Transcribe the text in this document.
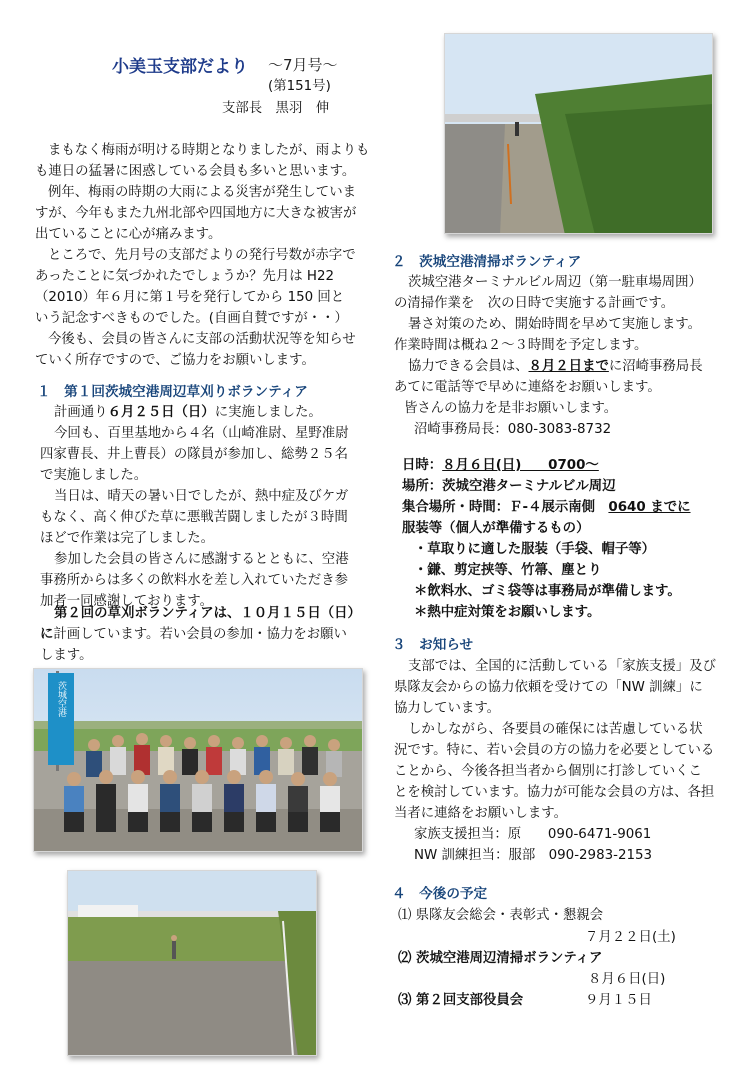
小美玉支部だより 〜7月号〜
(第151号)
支部長　黒羽　伸
まもなく梅雨が明ける時期となりましたが、雨よりも
も連日の猛暑に困惑している会員も多いと思います。
例年、梅雨の時期の大雨による災害が発生していま
すが、今年もまた九州北部や四国地方に大きな被害が
出ていることに心が痛みます。
ところで、先月号の支部だよりの発行号数が赤字で
あったことに気づかれたでしょうか？先月は H22
（2010）年６月に第１号を発行してから 150 回と
いう記念すべきものでした。(自画自賛ですが・・）
今後も、会員の皆さんに支部の活動状況等を知らせ
ていく所存ですので、ご協力をお願いします。
１　第１回茨城空港周辺草刈りボランティア
計画通り６月２５日（日）に実施しました。
今回も、百里基地から４名（山崎准尉、星野准尉
四家曹長、井上曹長）の隊員が参加し、総勢２５名
で実施しました。
当日は、晴天の暑い日でしたが、熱中症及びケガ
もなく、高く伸びた草に悪戦苦闘しましたが３時間
ほどで作業は完了しました。
参加した会員の皆さんに感謝するとともに、空港
事務所からは多くの飲料水を差し入れていただき参
加者一同感謝しております。
第２回の草刈ボランティアは、１０月１５日（日）
に計画しています。若い会員の参加・協力をお願い
します。
茨城空港
２　茨城空港清掃ボランティア
茨城空港ターミナルビル周辺（第一駐車場周囲）
の清掃作業を　次の日時で実施する計画です。
暑さ対策のため、開始時間を早めて実施します。
作業時間は概ね２〜３時間を予定します。
協力できる会員は、８月２日までに沼崎事務局長
あてに電話等で早めに連絡をお願いします。
皆さんの協力を是非お願いします。
沼崎事務局長：080-3083-8732
日時：８月６日(日)　　0700〜
場所：茨城空港ターミナルビル周辺
集合場所・時間：Ｆ-４展示南側　 0640 までに
服装等（個人が準備するもの）
・草取りに適した服装（手袋、帽子等）
・鎌、剪定挟等、竹箒、塵とり
＊飲料水、ゴミ袋等は事務局が準備します。
＊熱中症対策をお願いします。
３　お知らせ
支部では、全国的に活動している「家族支援」及び
県隊友会からの協力依頼を受けての「NW 訓練」に
協力しています。
しかしながら、各要員の確保には苦慮している状
況です。特に、若い会員の方の協力を必要としている
ことから、今後各担当者から個別に打診していくこ
とを検討しています。協力が可能な会員の方は、各担
当者に連絡をお願いします。
家族支援担当：原　　090-6471-9061
NW 訓練担当：服部　090-2983-2153
４　今後の予定
⑴ 県隊友会総会・表彰式・懇親会
７月２２日(土)
⑵ 茨城空港周辺清掃ボランティア
８月６日(日)
⑶ 第２回支部役員会	９月１５日
